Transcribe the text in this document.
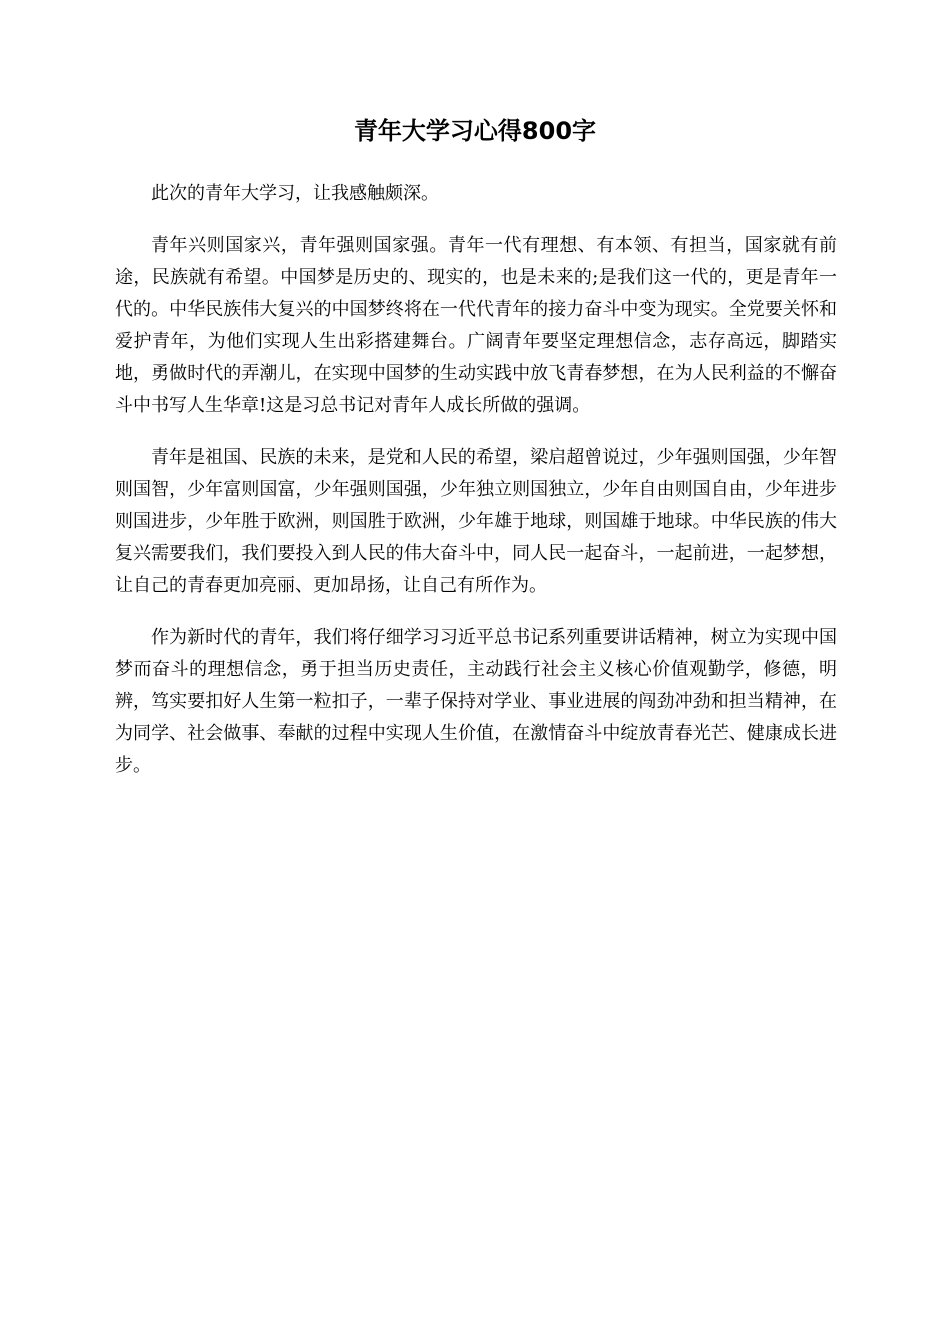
青年大学习心得800字

此次的青年大学习，让我感触颇深。

青年兴则国家兴，青年强则国家强。青年一代有理想、有本领、有担当，国家就有前途，民族就有希望。中国梦是历史的、现实的，也是未来的;是我们这一代的，更是青年一代的。中华民族伟大复兴的中国梦终将在一代代青年的接力奋斗中变为现实。全党要关怀和爱护青年，为他们实现人生出彩搭建舞台。广阔青年要坚定理想信念，志存高远，脚踏实地，勇做时代的弄潮儿，在实现中国梦的生动实践中放飞青春梦想，在为人民利益的不懈奋斗中书写人生华章!这是习总书记对青年人成长所做的强调。

青年是祖国、民族的未来，是党和人民的希望，梁启超曾说过，少年强则国强，少年智则国智，少年富则国富，少年强则国强，少年独立则国独立，少年自由则国自由，少年进步则国进步，少年胜于欧洲，则国胜于欧洲，少年雄于地球，则国雄于地球。中华民族的伟大复兴需要我们，我们要投入到人民的伟大奋斗中，同人民一起奋斗，一起前进，一起梦想，让自己的青春更加亮丽、更加昂扬，让自己有所作为。

作为新时代的青年，我们将仔细学习习近平总书记系列重要讲话精神，树立为实现中国梦而奋斗的理想信念，勇于担当历史责任，主动践行社会主义核心价值观勤学，修德，明辨，笃实要扣好人生第一粒扣子，一辈子保持对学业、事业进展的闯劲冲劲和担当精神，在为同学、社会做事、奉献的过程中实现人生价值，在激情奋斗中绽放青春光芒、健康成长进步。
